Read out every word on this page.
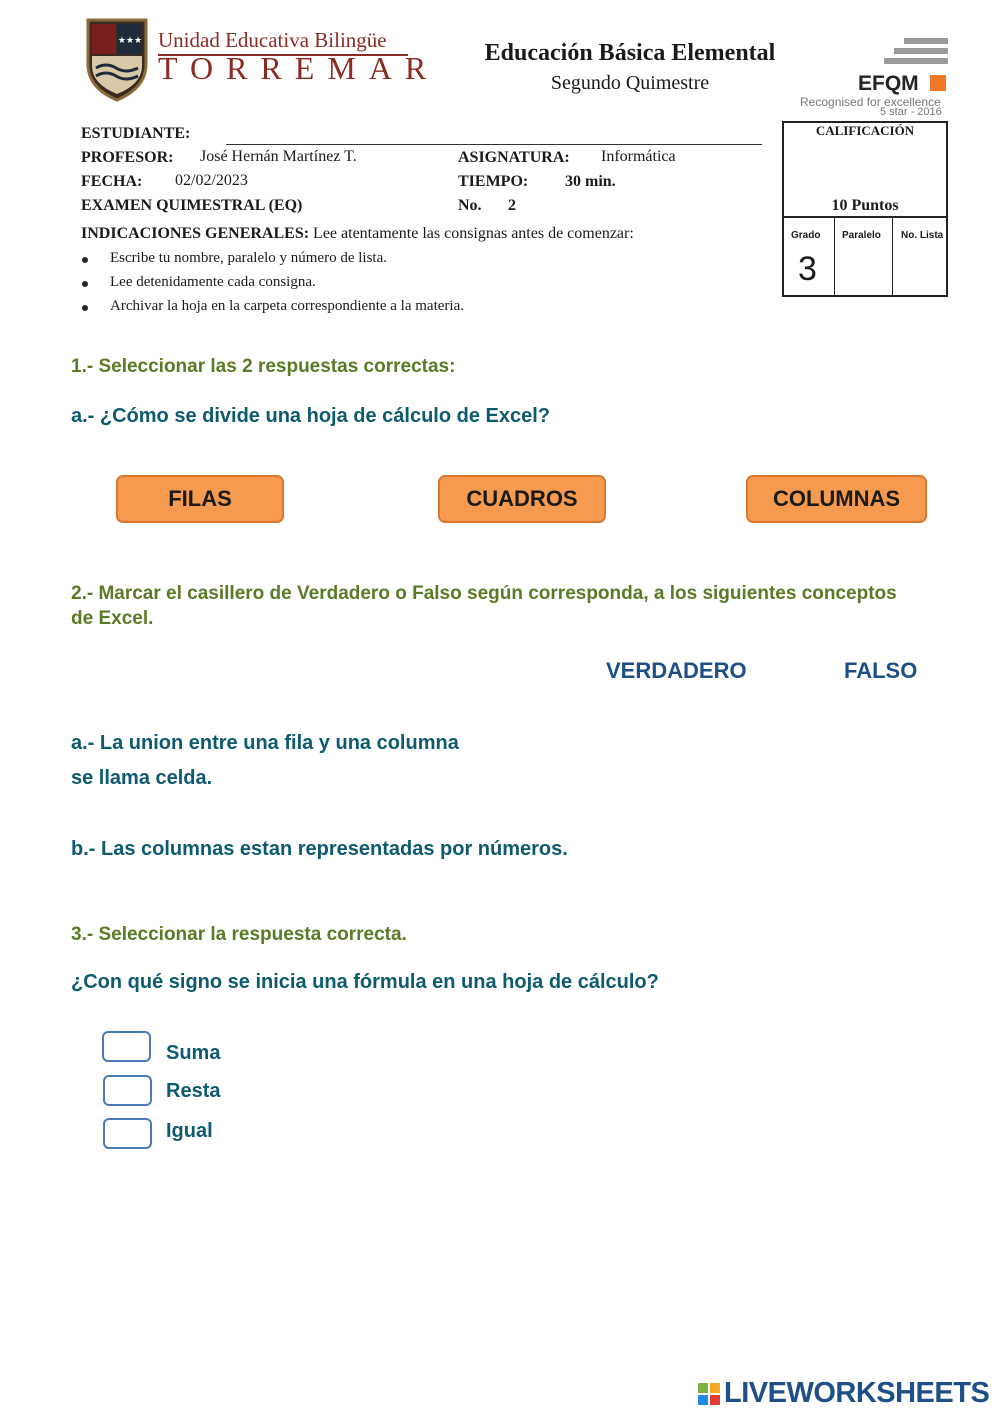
★★★ Unidad Educativa Bilingüe
TORREMAR	Educación Básica Elemental
Segundo Quimestre	EFQM
Recognised for excellence
5 star - 2016
ESTUDIANTE:
PROFESOR: José Hernán Martínez T.	ASIGNATURA: Informática
FECHA: 02/02/2023	TIEMPO: 30 min.
EXAMEN QUIMESTRAL (EQ)	No. 2
CALIFICACIÓN
10 Puntos
Grado Paralelo No. Lista
3
INDICACIONES GENERALES: Lee atentamente las consignas antes de comenzar:
Escribe tu nombre, paralelo y número de lista.
Lee detenidamente cada consigna.
Archivar la hoja en la carpeta correspondiente a la materia.
1.- Seleccionar las 2 respuestas correctas:
a.- ¿Cómo se divide una hoja de cálculo de Excel?
FILAS	CUADROS	COLUMNAS
2.- Marcar el casillero de Verdadero o Falso según corresponda, a los siguientes conceptos
de Excel.
VERDADERO	FALSO
a.- La union entre una fila y una columna
se llama celda.
b.- Las columnas estan representadas por números.
3.- Seleccionar la respuesta correcta.
¿Con qué signo se inicia una fórmula en una hoja de cálculo?
Suma
Resta
Igual
LIVEWORKSHEETS
